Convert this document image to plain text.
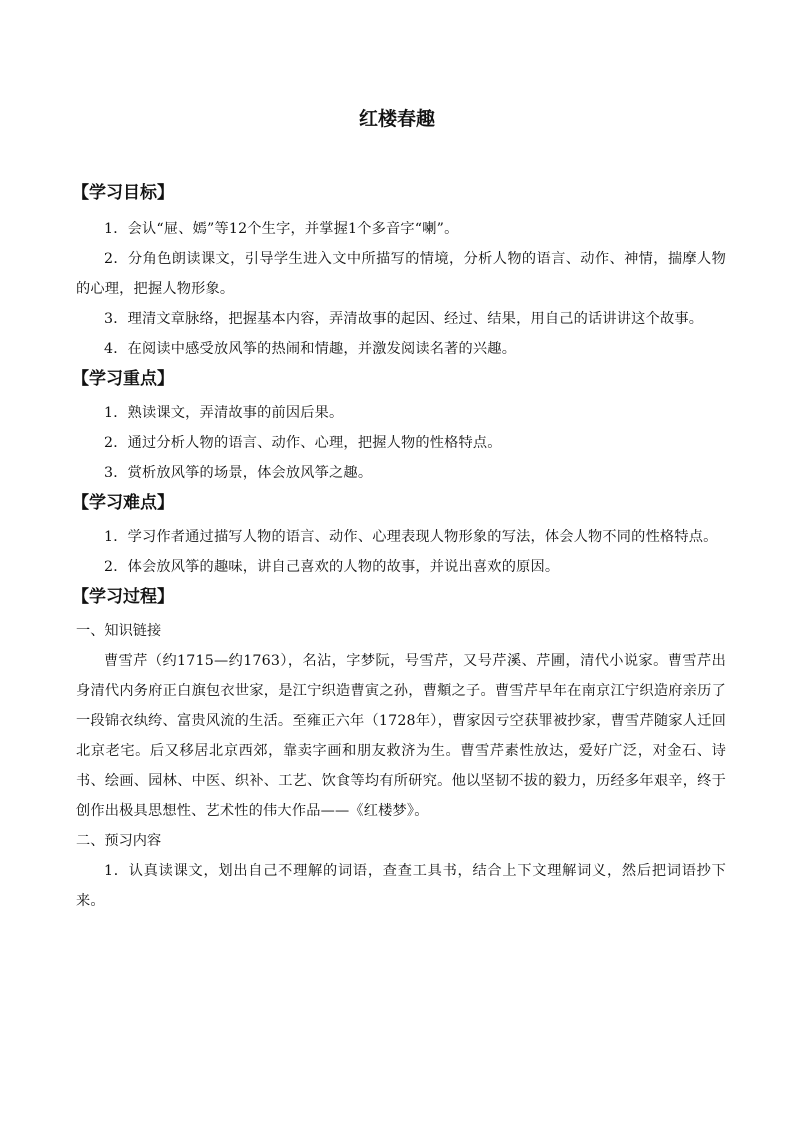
红楼春趣
【学习目标】

1．会认“屉、嫣”等12个生字，并掌握1个多音字“喇”。

2．分角色朗读课文，引导学生进入文中所描写的情境，分析人物的语言、动作、神情，揣摩人物的心理，把握人物形象。

3．理清文章脉络，把握基本内容，弄清故事的起因、经过、结果，用自己的话讲讲这个故事。

4．在阅读中感受放风筝的热闹和情趣，并激发阅读名著的兴趣。

【学习重点】

1．熟读课文，弄清故事的前因后果。

2．通过分析人物的语言、动作、心理，把握人物的性格特点。

3．赏析放风筝的场景，体会放风筝之趣。

【学习难点】

1．学习作者通过描写人物的语言、动作、心理表现人物形象的写法，体会人物不同的性格特点。

2．体会放风筝的趣味，讲自己喜欢的人物的故事，并说出喜欢的原因。

【学习过程】

一、知识链接

曹雪芹（约1715—约1763），名沾，字梦阮，号雪芹，又号芹溪、芹圃，清代小说家。曹雪芹出身清代内务府正白旗包衣世家，是江宁织造曹寅之孙，曹頫之子。曹雪芹早年在南京江宁织造府亲历了一段锦衣纨绔、富贵风流的生活。至雍正六年（1728年），曹家因亏空获罪被抄家，曹雪芹随家人迁回北京老宅。后又移居北京西郊，靠卖字画和朋友救济为生。曹雪芹素性放达，爱好广泛，对金石、诗书、绘画、园林、中医、织补、工艺、饮食等均有所研究。他以坚韧不拔的毅力，历经多年艰辛，终于创作出极具思想性、艺术性的伟大作品——《红楼梦》。

二、预习内容

1．认真读课文，划出自己不理解的词语，查查工具书，结合上下文理解词义，然后把词语抄下来。
